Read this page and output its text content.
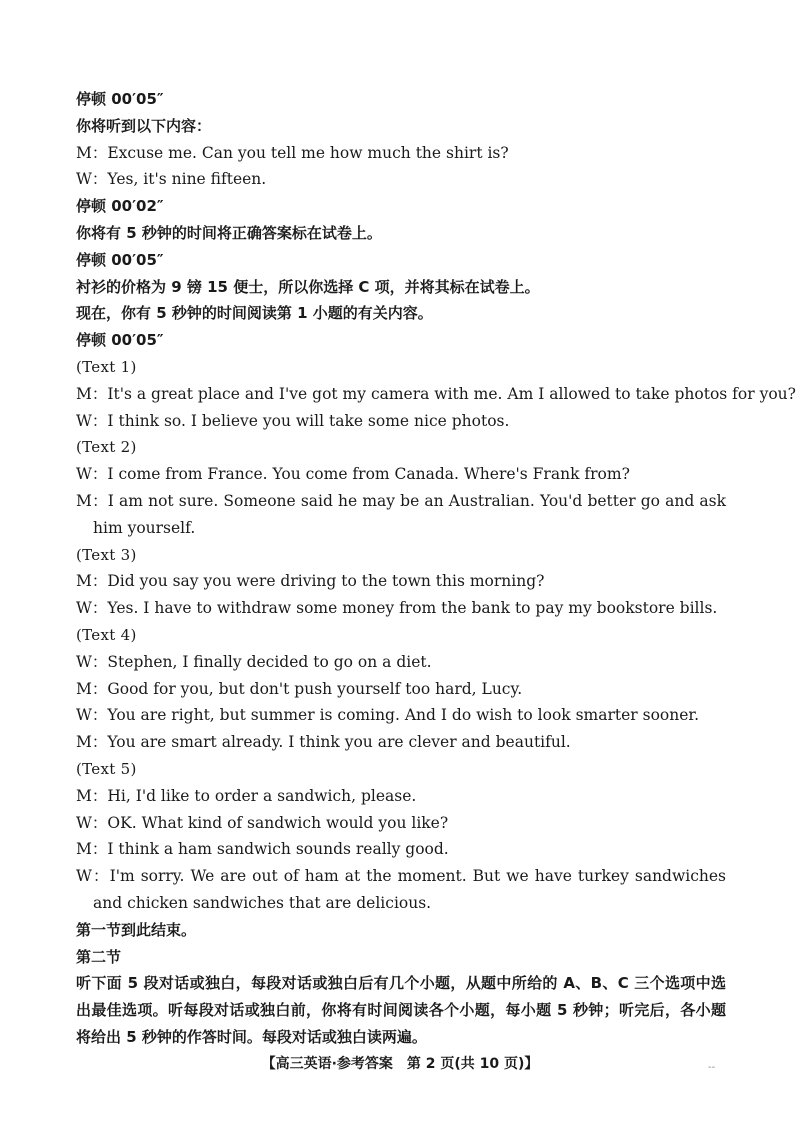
停顿 00′05″
你将听到以下内容：
M：Excuse me. Can you tell me how much the shirt is?
W：Yes, it's nine fifteen.
停顿 00′02″
你将有 5 秒钟的时间将正确答案标在试卷上。
停顿 00′05″
衬衫的价格为 9 镑 15 便士，所以你选择 C 项，并将其标在试卷上。
现在，你有 5 秒钟的时间阅读第 1 小题的有关内容。
停顿 00′05″
(Text 1)
M：It's a great place and I've got my camera with me. Am I allowed to take photos for you?
W：I think so. I believe you will take some nice photos.
(Text 2)
W：I come from France. You come from Canada. Where's Frank from?
M：I am not sure. Someone said he may be an Australian. You'd better go and ask him yourself.
(Text 3)
M：Did you say you were driving to the town this morning?
W：Yes. I have to withdraw some money from the bank to pay my bookstore bills.
(Text 4)
W：Stephen, I finally decided to go on a diet.
M：Good for you, but don't push yourself too hard, Lucy.
W：You are right, but summer is coming. And I do wish to look smarter sooner.
M：You are smart already. I think you are clever and beautiful.
(Text 5)
M：Hi, I'd like to order a sandwich, please.
W：OK. What kind of sandwich would you like?
M：I think a ham sandwich sounds really good.
W：I'm sorry. We are out of ham at the moment. But we have turkey sandwiches and chicken sandwiches that are delicious.
第一节到此结束。
第二节
听下面 5 段对话或独白，每段对话或独白后有几个小题，从题中所给的 A、B、C 三个选项中选出最佳选项。听每段对话或独白前，你将有时间阅读各个小题，每小题 5 秒钟；听完后，各小题将给出 5 秒钟的作答时间。每段对话或独白读两遍。
【高三英语·参考答案　第 2 页(共 10 页)】	--
